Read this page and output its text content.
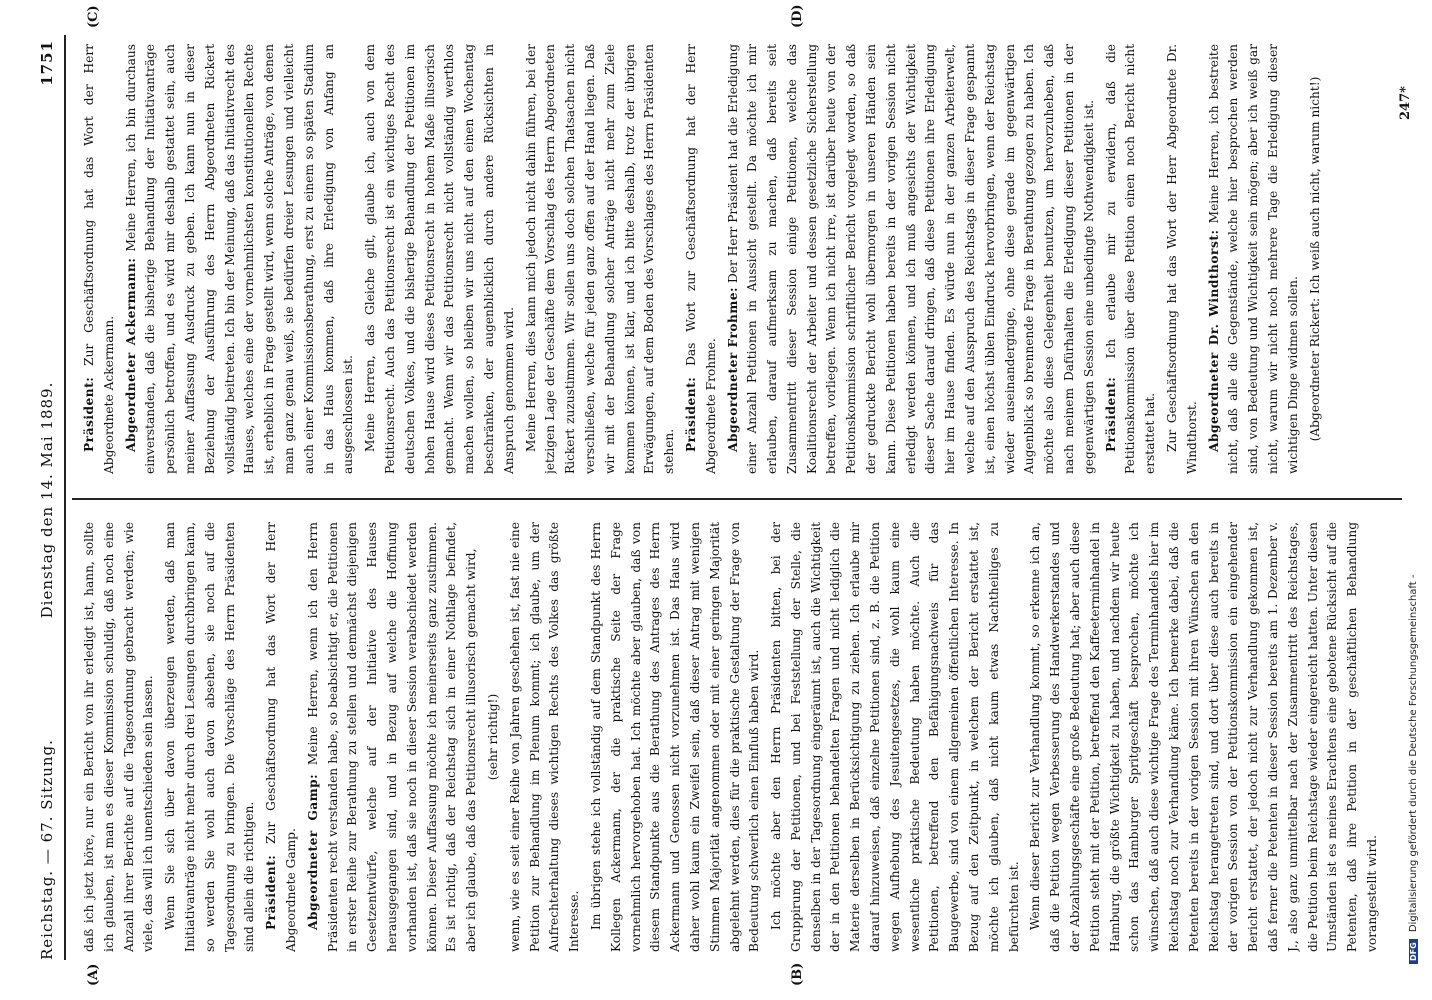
Reichstag. — 67. Sitzung.
Dienstag den 14. Mai 1889.
1751
(A)	(B)
(C)	(D)

daß ich jetzt höre, nur ein Bericht von ihr erledigt ist, hann, sollte ich glauben, ist man es dieser Kommission schuldig, daß noch eine Anzahl ihrer Berichte auf die Tagesordnung gebracht werden; wie viele, das will ich unentschieden sein lassen. Wenn Sie sich über davon überzeugen werden, daß man Initiativanträge nicht mehr durch drei Lesungen durchbringen kann, so werden Sie wohl auch davon absehen, sie noch auf die Tagesordnung zu bringen. Die Vorschläge des Herrn Präsidenten sind allein die richtigen. Präsident: Zur Geschäftsordnung hat das Wort der Herr Abgeordnete Gamp. Abgeordneter Gamp: Meine Herren, wenn ich den Herrn Präsidenten recht verstanden habe, so beabsichtigt er, die Petitionen in erster Reihe zur Berathung zu stellen und demnächst diejenigen Gesetzentwürfe, welche auf der Initiative des Hauses herausgegangen sind, und in Bezug auf welche die Hoffnung vorhanden ist, daß sie noch in dieser Session verabschiedet werden können. Dieser Auffassung möchte ich meinerseits ganz zustimmen. Es ist richtig, daß der Reichstag sich in einer Nothlage befindet, aber ich glaube, daß das Petitionsrecht illusorisch gemacht wird, (sehr richtig!) wenn, wie es seit einer Reihe von Jahren geschehen ist, fast nie eine Petition zur Behandlung im Plenum kommt; ich glaube, um der Aufrechterhaltung dieses wichtigen Rechts des Volkes das größte Interesse. Im übrigen stehe ich vollständig auf dem Standpunkt des Herrn Kollegen Ackermann, der die praktische Seite der Frage vornehmlich hervorgehoben hat. Ich möchte aber glauben, daß von diesem Standpunkte aus die Berathung des Antrages des Herrn Ackermann und Genossen nicht vorzunehmen ist. Das Haus wird daher wohl kaum ein Zweifel sein, daß dieser Antrag mit wenigen Stimmen Majorität angenommen oder mit einer geringen Majorität abgelehnt werden, dies für die praktische Gestaltung der Frage von Bedeutung schwerlich einen Einfluß haben wird. Ich möchte aber den Herrn Präsidenten bitten, bei der Gruppirung der Petitionen, und bei Feststellung der Stelle, die denselben in der Tagesordnung eingeräumt ist, auch die Wichtigkeit der in den Petitionen behandelten Fragen und nicht lediglich die Materie derselben in Berücksichtigung zu ziehen. Ich erlaube mir darauf hinzuweisen, daß einzelne Petitionen sind, z. B. die Petition wegen Aufhebung des Jesuitengesetzes, die wohl kaum eine wesentliche praktische Bedeutung haben möchte. Auch die Petitionen, betreffend den Befähigungsnachweis für das Baugewerbe, sind von einem allgemeinen öffentlichen Interesse. In Bezug auf den Zeitpunkt, in welchem der Bericht erstattet ist, möchte ich glauben, daß nicht kaum etwas Nachtheiliges zu befürchten ist. Wenn dieser Bericht zur Verhandlung kommt, so erkenne ich an, daß die Petition wegen Verbesserung des Handwerkerstandes und der Abzahlungsgeschäfte eine große Bedeutung hat; aber auch diese Petition steht mit der Petition, betreffend den Kaffeeterminhandel in Hamburg, die größte Wichtigkeit zu haben, und nachdem wir heute schon das Hamburger Spritgeschäft besprochen, möchte ich wünschen, daß auch diese wichtige Frage des Terminhandels hier im Reichstag noch zur Verhandlung käme. Ich bemerke dabei, daß die Petenten bereits in der vorigen Session mit ihren Wünschen an den Reichstag herangetreten sind, und dort über diese auch bereits in der vorigen Session von der Petitionskommission ein eingehender Bericht erstattet, der jedoch nicht zur Verhandlung gekommen ist, daß ferner die Petenten in dieser Session bereits am 1. Dezember v. J., also ganz unmittelbar nach der Zusammentritt des Reichstages, die Petition beim Reichstage wieder eingereicht hatten. Unter diesen Umständen ist es meines Erachtens eine gebotene Rücksicht auf die Petenten, daß ihre Petition in der geschäftlichen Behandlung vorangestellt wird.

Präsident: Zur Geschäftsordnung hat das Wort der Herr Abgeordnete Ackermann. Abgeordneter Ackermann: Meine Herren, ich bin durchaus einverstanden, daß die bisherige Behandlung der Initiativanträge persönlich betroffen, und es wird mir deshalb gestattet sein, auch meiner Auffassung Ausdruck zu geben. Ich kann nun in dieser Beziehung der Ausführung des Herrn Abgeordneten Rickert vollständig beitreten. Ich bin der Meinung, daß das Initiativrecht des Hauses, welches eine der vornehmlichsten konstitutionellen Rechte ist, erheblich in Frage gestellt wird, wenn solche Anträge, von denen man ganz genau weiß, sie bedürfen dreier Lesungen und vielleicht auch einer Kommissionsberathung, erst zu einem so späten Stadium in das Haus kommen, daß ihre Erledigung von Anfang an ausgeschlossen ist. Meine Herren, das Gleiche gilt, glaube ich, auch von dem Petitionsrecht. Auch das Petitionsrecht ist ein wichtiges Recht des deutschen Volkes, und die bisherige Behandlung der Petitionen im hohen Hause wird dieses Petitionsrecht in hohem Maße illusorisch gemacht. Wenn wir das Petitionsrecht nicht vollständig werthlos machen wollen, so bleiben wir uns nicht auf den einen Wochentag beschränken, der augenblicklich durch andere Rücksichten in Anspruch genommen wird. Meine Herren, dies kann mich jedoch nicht dahin führen, bei der jetzigen Lage der Geschäfte dem Vorschlag des Herrn Abgeordneten Rickert zuzustimmen. Wir sollen uns doch solchen Thatsachen nicht verschließen, welche für jeden ganz offen auf der Hand liegen. Daß wir mit der Behandlung solcher Anträge nicht mehr zum Ziele kommen können, ist klar, und ich bitte deshalb, trotz der übrigen Erwägungen, auf dem Boden des Vorschlages des Herrn Präsidenten stehen. Präsident: Das Wort zur Geschäftsordnung hat der Herr Abgeordnete Frohme. Abgeordneter Frohme: Der Herr Präsident hat die Erledigung einer Anzahl Petitionen in Aussicht gestellt. Da möchte ich mir erlauben, darauf aufmerksam zu machen, daß bereits seit Zusammentritt dieser Session einige Petitionen, welche das Koalitionsrecht der Arbeiter und dessen gesetzliche Sicherstellung betreffen, vorliegen. Wenn ich nicht irre, ist darüber heute von der Petitionskommission schriftlicher Bericht vorgelegt worden, so daß der gedruckte Bericht wohl übermorgen in unseren Händen sein kann. Diese Petitionen haben bereits in der vorigen Session nicht erledigt werden können, und ich muß angesichts der Wichtigkeit dieser Sache darauf dringen, daß diese Petitionen ihre Erledigung hier im Hause finden. Es würde nun in der ganzen Arbeiterwelt, welche auf den Ausspruch des Reichstags in dieser Frage gespannt ist, einen höchst üblen Eindruck hervorbringen, wenn der Reichstag wieder auseinanderginge, ohne diese gerade im gegenwärtigen Augenblick so brennende Frage in Berathung gezogen zu haben. Ich möchte also diese Gelegenheit benutzen, um hervorzuheben, daß nach meinem Dafürhalten die Erledigung dieser Petitionen in der gegenwärtigen Session eine unbedingte Nothwendigkeit ist. Präsident: Ich erlaube mir zu erwidern, daß die Petitionskommission über diese Petition einen noch Bericht nicht erstattet hat. Zur Geschäftsordnung hat das Wort der Herr Abgeordnete Dr. Windthorst. Abgeordneter Dr. Windthorst: Meine Herren, ich bestreite nicht, daß alle die Gegenstände, welche hier besprochen werden sind, von Bedeutung und Wichtigkeit sein mögen; aber ich weiß gar nicht, warum wir nicht noch mehrere Tage die Erledigung dieser wichtigen Dinge widmen sollen. (Abgeordneter Rickert: Ich weiß auch nicht, warum nicht!)	247*
DFG Digitalisierung gefördert durch die Deutsche Forschungsgemeinschaft -
